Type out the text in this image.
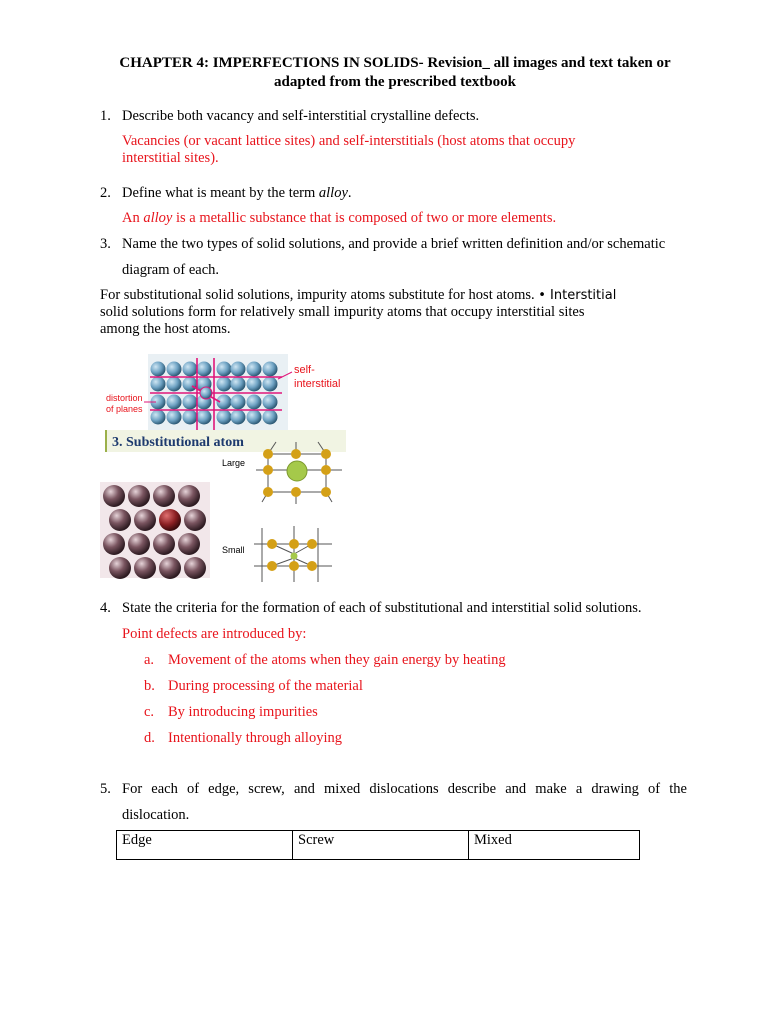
CHAPTER 4: IMPERFECTIONS IN SOLIDS- Revision_ all images and text taken or
adapted from the prescribed textbook
1. Describe both vacancy and self-interstitial crystalline defects.
Vacancies (or vacant lattice sites) and self-interstitials (host atoms that occupy
interstitial sites).
2. Define what is meant by the term alloy.
An alloy is a metallic substance that is composed of two or more elements.
3. Name the two types of solid solutions, and provide a brief written definition and/or schematic
diagram of each.
For substitutional solid solutions, impurity atoms substitute for host atoms. • Interstitial
solid solutions form for relatively small impurity atoms that occupy interstitial sites
among the host atoms.
self-
interstitial
distortion
of planes
3. Substitutional atom
Large
Small
4. State the criteria for the formation of each of substitutional and interstitial solid solutions.
Point defects are introduced by:
a. Movement of the atoms when they gain energy by heating
b. During processing of the material
c. By introducing impurities
d. Intentionally through alloying
5. For each of edge, screw, and mixed dislocations describe and make a drawing of the
dislocation.
Edge	Screw	Mixed
